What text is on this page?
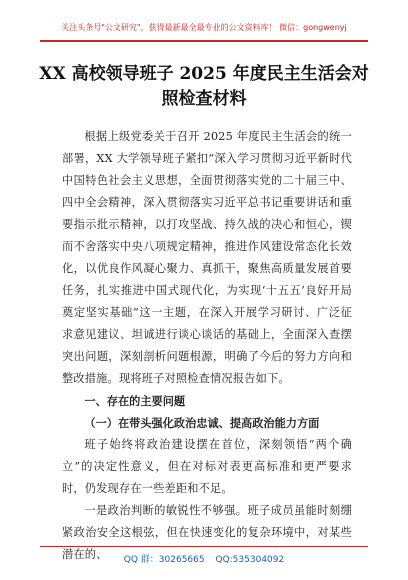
关注头条号"公文研究"，获得最新最全最专业的公文资料库！ 微信：gongwenyj
XX 高校领导班子 2025 年度民主生活会对
照检查材料

根据上级党委关于召开 2025 年度民主生活会的统一部署，XX 大学领导班子紧扣“深入学习贯彻习近平新时代中国特色社会主义思想，全面贯彻落实党的二十届三中、四中全会精神，深入贯彻落实习近平总书记重要讲话和重要指示批示精神，以打攻坚战、持久战的决心和恒心，锲而不舍落实中央八项规定精神，推进作风建设常态化长效化，以优良作风凝心聚力、真抓干，聚焦高质量发展首要任务，扎实推进中国式现代化，为实现‘十五五’良好开局奠定坚实基础”这一主题，在深入开展学习研讨、广泛征求意见建议、坦诚进行谈心谈话的基础上，全面深入查摆突出问题，深刻剖析问题根源，明确了今后的努力方向和整改措施。现将班子对照检查情况报告如下。

一、存在的主要问题

（一）在带头强化政治忠诚、提高政治能力方面

班子始终将政治建设摆在首位，深刻领悟“两个确立”的决定性意义，但在对标对表更高标准和更严要求时，仍发现存在一些差距和不足。

一是政治判断的敏锐性不够强。班子成员虽能时刻绷紧政治安全这根弦，但在快速变化的复杂环境中，对某些潜在的、	QQ 群：30265665 QQ:535304092
